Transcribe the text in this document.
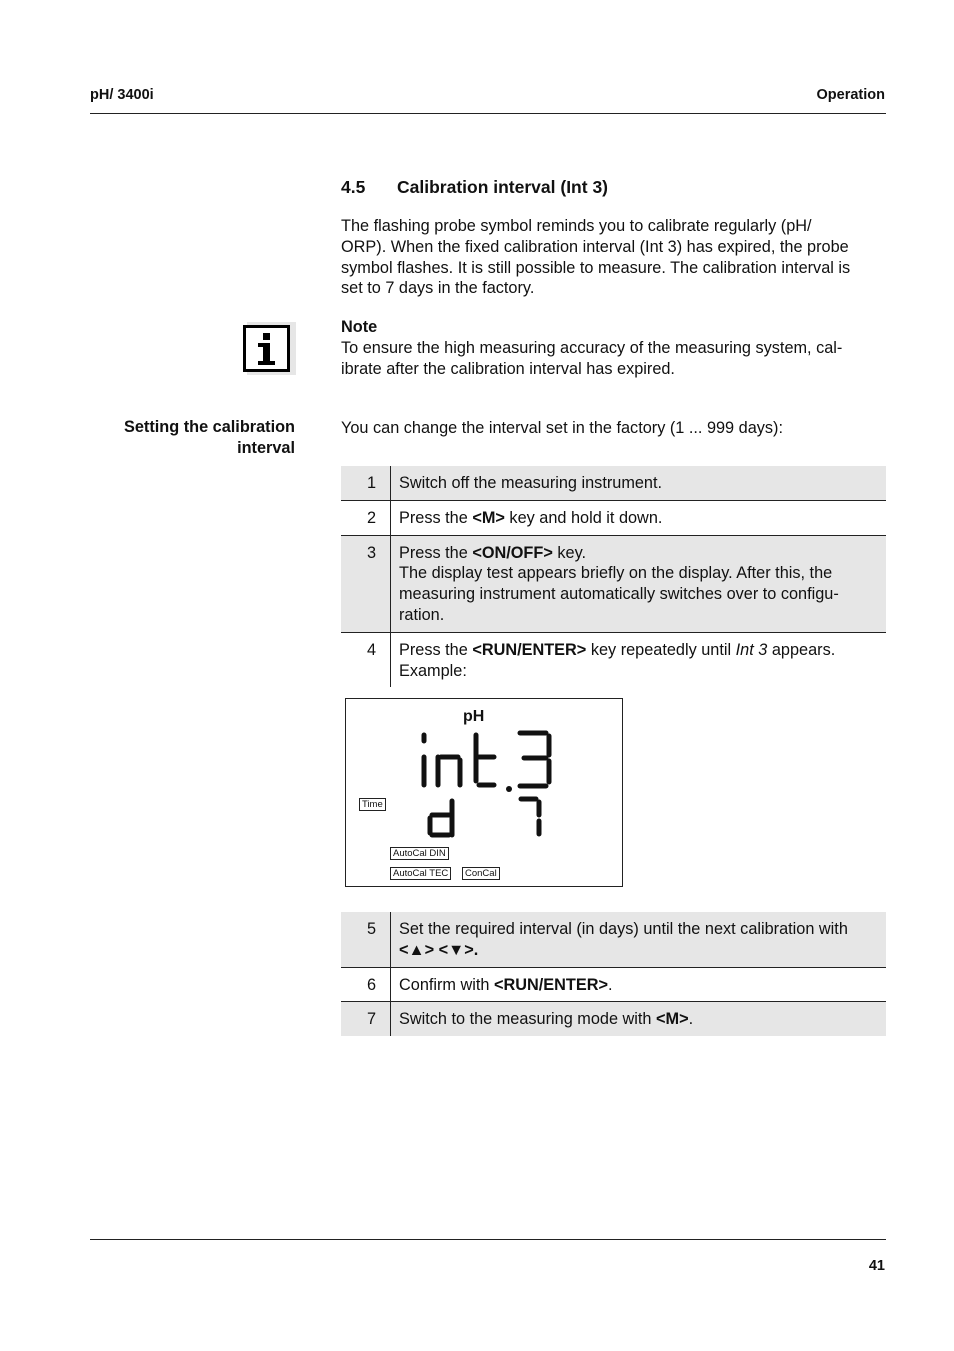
pH/ 3400i	Operation
4.5 Calibration interval (Int 3)
The flashing probe symbol reminds you to calibrate regularly (pH/
ORP). When the fixed calibration interval (Int 3) has expired, the probe
symbol flashes. It is still possible to measure. The calibration interval is
set to 7 days in the factory.
Note
To ensure the high measuring accuracy of the measuring system, cal-
ibrate after the calibration interval has expired.
Setting the calibration
interval
You can change the interval set in the factory (1 ... 999 days):
1	Switch off the measuring instrument.
2	Press the <M> key and hold it down.
3	Press the <ON/OFF> key.
The display test appears briefly on the display. After this, the
measuring instrument automatically switches over to configu-
ration.

4	Press the <RUN/ENTER> key repeatedly until Int 3 appears.
Example:
pH
Time
AutoCal DIN
AutoCal TEC	ConCal
5	Set the required interval (in days) until the next calibration with
<▲> <▼>.

6	Confirm with <RUN/ENTER>.
7	Switch to the measuring mode with <M>.
41
